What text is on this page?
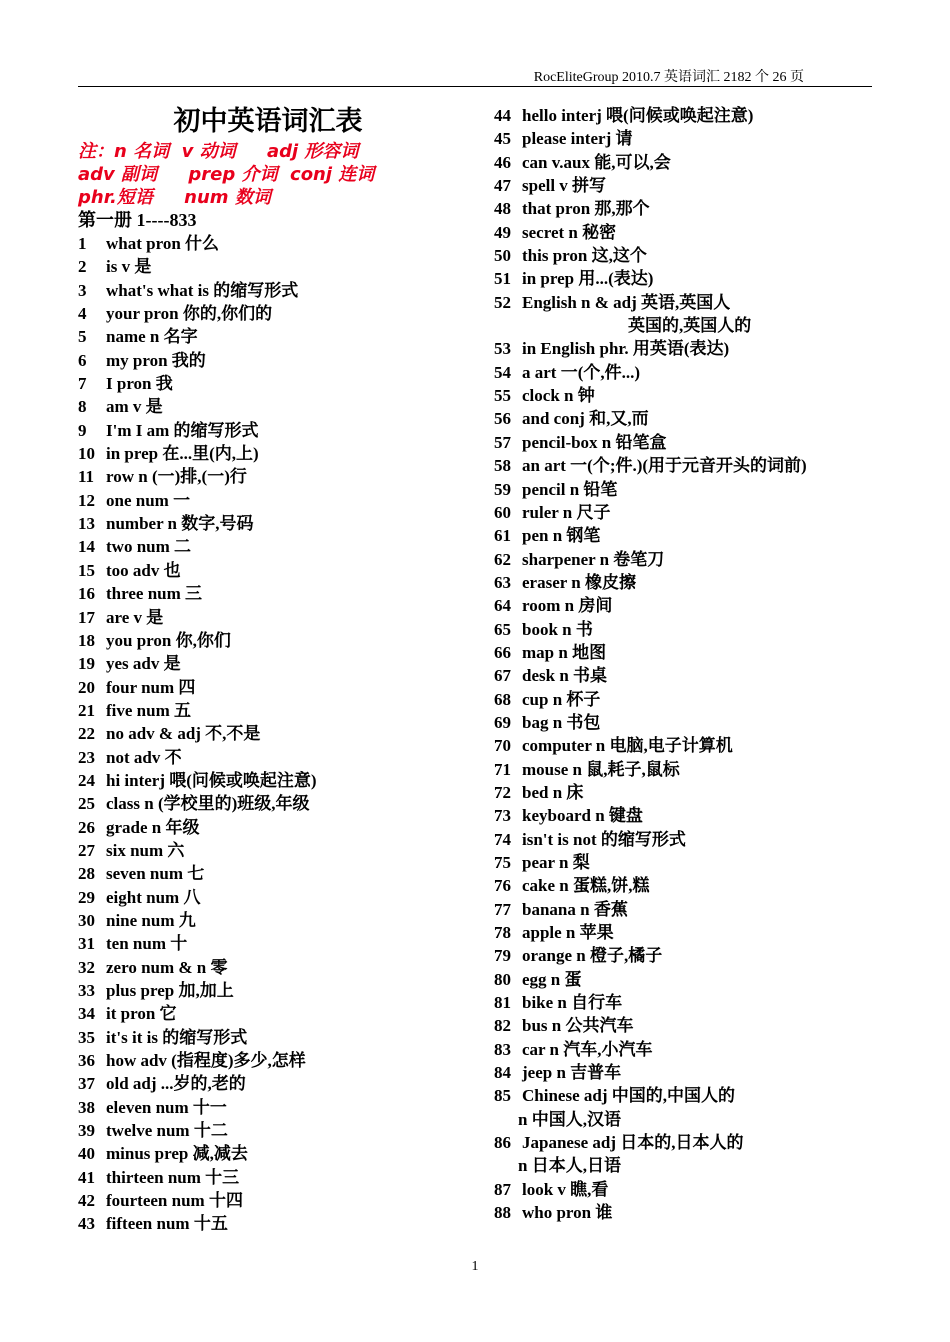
RocEliteGroup 2010.7 英语词汇 2182 个 26 页
初中英语词汇表
注：n 名词  v 动词     adj 形容词
adv 副词     prep 介词  conj 连词
phr.短语     num 数词
第一册 1----833
1 what pron 什么
2 is v 是
3 what's what is 的缩写形式
4 your pron 你的,你们的
5 name n 名字
6 my pron 我的
7 I pron 我
8 am v 是
9 I'm I am 的缩写形式
10 in prep 在...里(内,上)
11 row n (一)排,(一)行
12 one num 一
13 number n 数字,号码
14 two num 二
15 too adv 也
16 three num 三
17 are v 是
18 you pron 你,你们
19 yes adv 是
20 four num 四
21 five num 五
22 no adv & adj 不,不是
23 not adv 不
24 hi interj 喂(问候或唤起注意)
25 class n (学校里的)班级,年级
26 grade n 年级
27 six num 六
28 seven num 七
29 eight num 八
30 nine num 九
31 ten num 十
32 zero num & n 零
33 plus prep 加,加上
34 it pron 它
35 it's it is 的缩写形式
36 how adv (指程度)多少,怎样
37 old adj ...岁的,老的
38 eleven num 十一
39 twelve num 十二
40 minus prep 减,减去
41 thirteen num 十三
42 fourteen num 十四
43 fifteen num 十五
44 hello interj 喂(问候或唤起注意)
45 please interj 请
46 can v.aux 能,可以,会
47 spell v 拼写
48 that pron 那,那个
49 secret n 秘密
50 this pron 这,这个
51 in prep 用...(表达)
52 English n & adj 英语,英国人
英国的,英国人的
53 in English phr. 用英语(表达)
54 a art 一(个,件...)
55 clock n 钟
56 and conj 和,又,而
57 pencil-box n 铅笔盒
58 an art 一(个;件.)(用于元音开头的词前)
59 pencil n 铅笔
60 ruler n 尺子
61 pen n 钢笔
62 sharpener n 卷笔刀
63 eraser n 橡皮擦
64 room n 房间
65 book n 书
66 map n 地图
67 desk n 书桌
68 cup n 杯子
69 bag n 书包
70 computer n 电脑,电子计算机
71 mouse n 鼠,耗子,鼠标
72 bed n 床
73 keyboard n 键盘
74 isn't is not 的缩写形式
75 pear n 梨
76 cake n 蛋糕,饼,糕
77 banana n 香蕉
78 apple n 苹果
79 orange n 橙子,橘子
80 egg n 蛋
81 bike n 自行车
82 bus n 公共汽车
83 car n 汽车,小汽车
84 jeep n 吉普车
85 Chinese adj 中国的,中国人的
n 中国人,汉语
86 Japanese adj 日本的,日本人的
n 日本人,日语
87 look v 瞧,看
88 who pron 谁
1
